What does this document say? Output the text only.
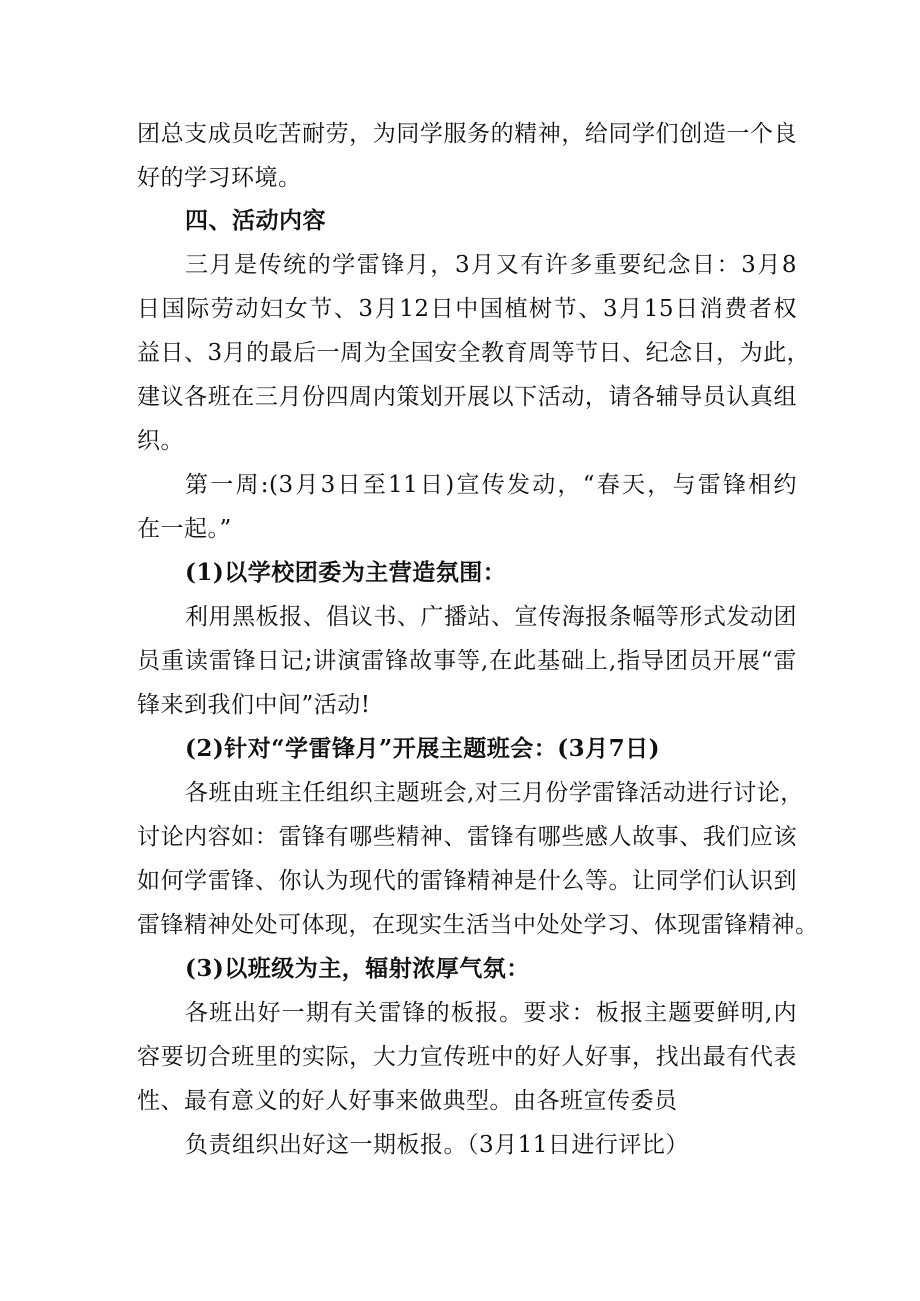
团总支成员吃苦耐劳，为同学服务的精神，给同学们创造一个良
好的学习环境。
四、活动内容
三月是传统的学雷锋月，3月又有许多重要纪念日：3月8
日国际劳动妇女节、3月12日中国植树节、3月15日消费者权
益日、3月的最后一周为全国安全教育周等节日、纪念日，为此，
建议各班在三月份四周内策划开展以下活动，请各辅导员认真组
织。
第一周:(3月3日至11日)宣传发动，“春天，与雷锋相约
在一起。”
(1)以学校团委为主营造氛围：
利用黑板报、倡议书、广播站、宣传海报条幅等形式发动团
员重读雷锋日记;讲演雷锋故事等,在此基础上,指导团员开展“雷
锋来到我们中间”活动!
(2)针对“学雷锋月”开展主题班会：(3月7日)
各班由班主任组织主题班会,对三月份学雷锋活动进行讨论，
讨论内容如：雷锋有哪些精神、雷锋有哪些感人故事、我们应该
如何学雷锋、你认为现代的雷锋精神是什么等。让同学们认识到
雷锋精神处处可体现，在现实生活当中处处学习、体现雷锋精神。
(3)以班级为主，辐射浓厚气氛：
各班出好一期有关雷锋的板报。要求：板报主题要鲜明,内
容要切合班里的实际，大力宣传班中的好人好事，找出最有代表
性、最有意义的好人好事来做典型。由各班宣传委员
负责组织出好这一期板报。（3月11日进行评比）
